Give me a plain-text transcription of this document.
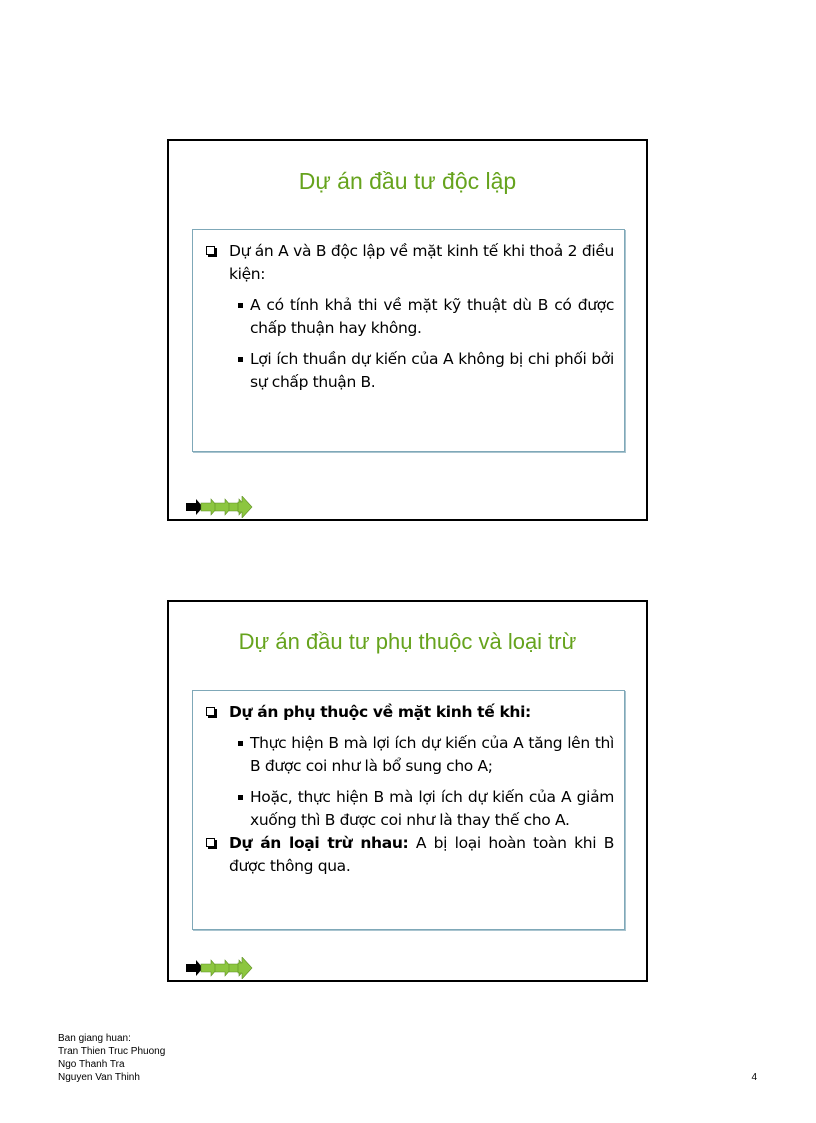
Dự án đầu tư độc lập
Dự án A và B độc lập về mặt kinh tế khi thoả 2 điều kiện:
A có tính khả thi về mặt kỹ thuật dù B có được chấp thuận hay không.
Lợi ích thuần dự kiến của A không bị chi phối bởi sự chấp thuận B.
Dự án đầu tư phụ thuộc và loại trừ
Dự án phụ thuộc về mặt kinh tế khi:
Thực hiện B mà lợi ích dự kiến của A tăng lên thì B được coi như là bổ sung cho A;
Hoặc, thực hiện B mà lợi ích dự kiến của A giảm xuống thì B được coi như là thay thế cho A.
Dự án loại trừ nhau: A bị loại hoàn toàn khi B được thông qua.
Ban giang huan:
Tran Thien Truc Phuong
Ngo Thanh Tra
Nguyen Van Thinh	4
